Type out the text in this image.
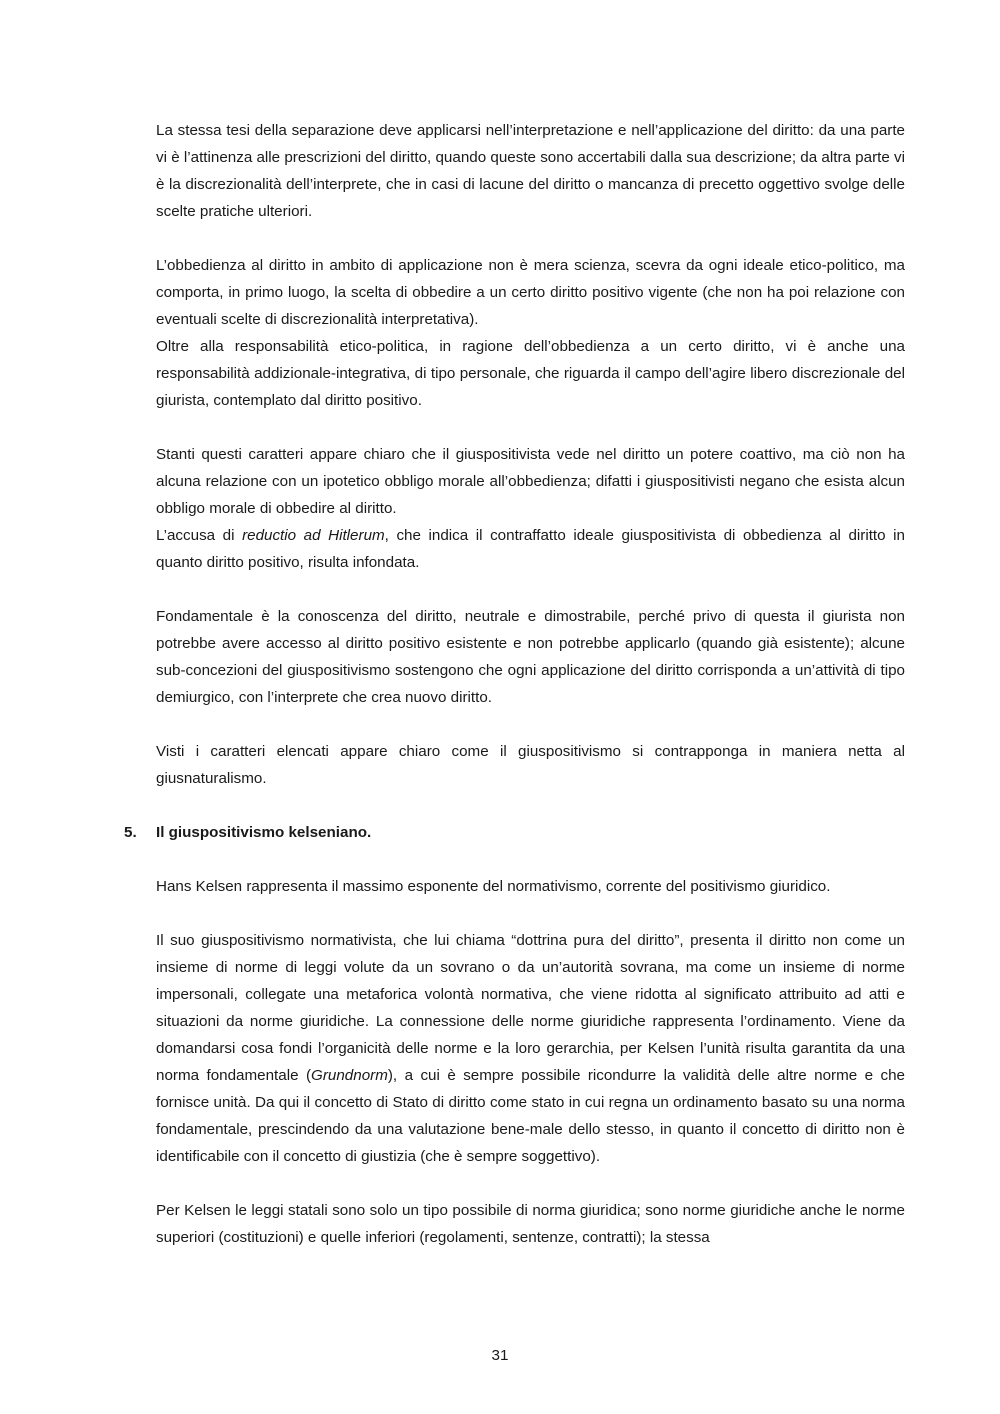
La stessa tesi della separazione deve applicarsi nell’interpretazione e nell’applicazione del diritto: da una parte vi è l’attinenza alle prescrizioni del diritto, quando queste sono accertabili dalla sua descrizione; da altra parte vi è la discrezionalità dell’interprete, che in casi di lacune del diritto o mancanza di precetto oggettivo svolge delle scelte pratiche ulteriori.

L’obbedienza al diritto in ambito di applicazione non è mera scienza, scevra da ogni ideale etico-politico, ma comporta, in primo luogo, la scelta di obbedire a un certo diritto positivo vigente (che non ha poi relazione con eventuali scelte di discrezionalità interpretativa).

Oltre alla responsabilità etico-politica, in ragione dell’obbedienza a un certo diritto, vi è anche una responsabilità addizionale-integrativa, di tipo personale, che riguarda il campo dell’agire libero discrezionale del giurista, contemplato dal diritto positivo.

Stanti questi caratteri appare chiaro che il giuspositivista vede nel diritto un potere coattivo, ma ciò non ha alcuna relazione con un ipotetico obbligo morale all’obbedienza; difatti i giuspositivisti negano che esista alcun obbligo morale di obbedire al diritto.

L’accusa di reductio ad Hitlerum, che indica il contraffatto ideale giuspositivista di obbedienza al diritto in quanto diritto positivo, risulta infondata.

Fondamentale è la conoscenza del diritto, neutrale e dimostrabile, perché privo di questa il giurista non potrebbe avere accesso al diritto positivo esistente e non potrebbe applicarlo (quando già esistente); alcune sub-concezioni del giuspositivismo sostengono che ogni applicazione del diritto corrisponda a un’attività di tipo demiurgico, con l’interprete che crea nuovo diritto.

Visti i caratteri elencati appare chiaro come il giuspositivismo si contrapponga in maniera netta al giusnaturalismo.

5. Il giuspositivismo kelseniano.

Hans Kelsen rappresenta il massimo esponente del normativismo, corrente del positivismo giuridico.

Il suo giuspositivismo normativista, che lui chiama “dottrina pura del diritto”, presenta il diritto non come un insieme di norme di leggi volute da un sovrano o da un’autorità sovrana, ma come un insieme di norme impersonali, collegate una metaforica volontà normativa, che viene ridotta al significato attribuito ad atti e situazioni da norme giuridiche. La connessione delle norme giuridiche rappresenta l’ordinamento. Viene da domandarsi cosa fondi l’organicità delle norme e la loro gerarchia, per Kelsen l’unità risulta garantita da una norma fondamentale (Grundnorm), a cui è sempre possibile ricondurre la validità delle altre norme e che fornisce unità. Da qui il concetto di Stato di diritto come stato in cui regna un ordinamento basato su una norma fondamentale, prescindendo da una valutazione bene-male dello stesso, in quanto il concetto di diritto non è identificabile con il concetto di giustizia (che è sempre soggettivo).

Per Kelsen le leggi statali sono solo un tipo possibile di norma giuridica; sono norme giuridiche anche le norme superiori (costituzioni) e quelle inferiori (regolamenti, sentenze, contratti); la stessa

31
